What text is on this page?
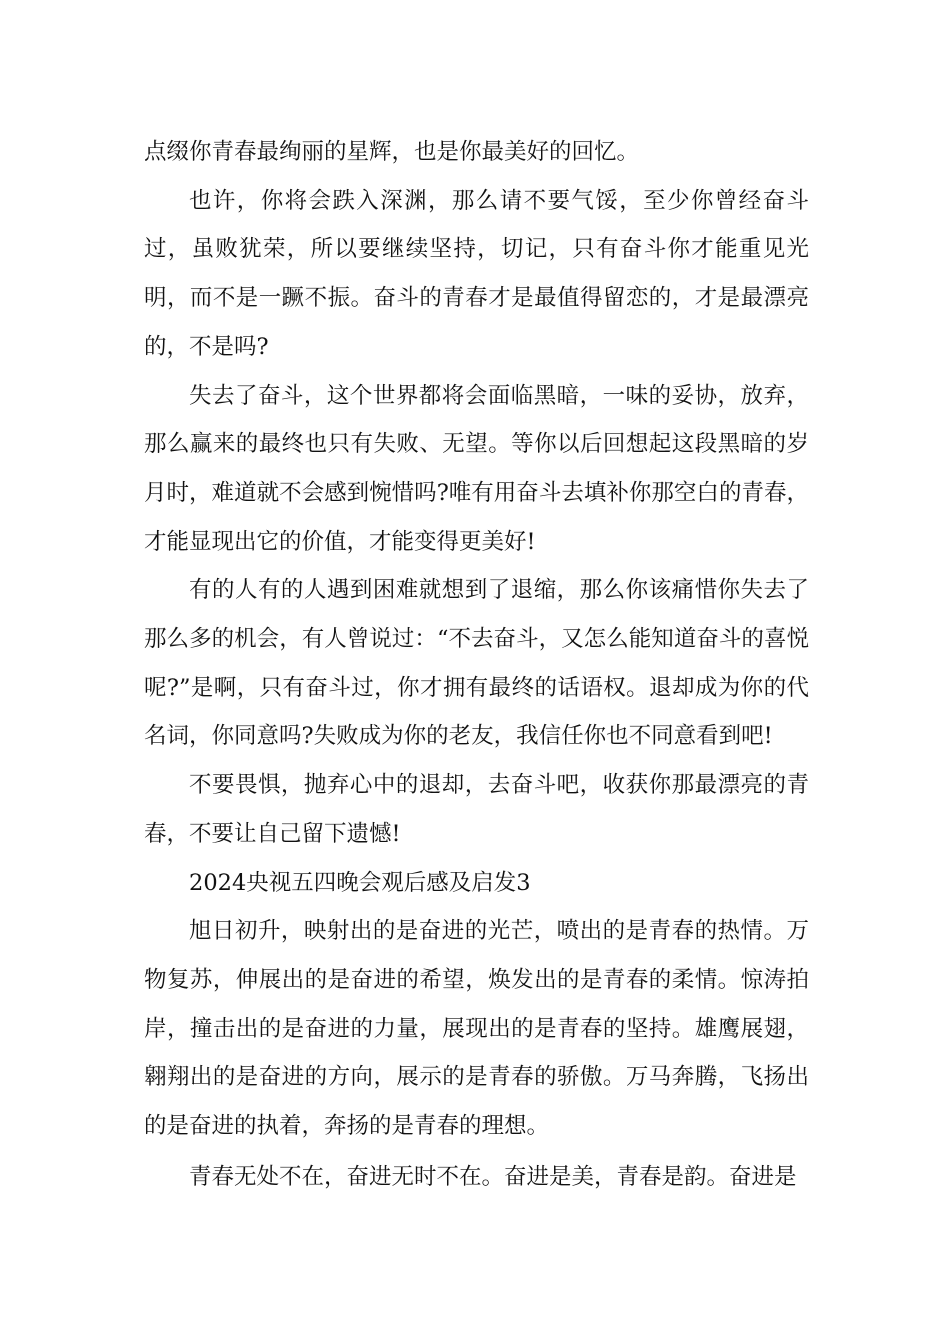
点缀你青春最绚丽的星辉，也是你最美好的回忆。

也许，你将会跌入深渊，那么请不要气馁，至少你曾经奋斗过，虽败犹荣，所以要继续坚持，切记，只有奋斗你才能重见光明，而不是一蹶不振。奋斗的青春才是最值得留恋的，才是最漂亮的，不是吗?

失去了奋斗，这个世界都将会面临黑暗，一味的妥协，放弃，那么赢来的最终也只有失败、无望。等你以后回想起这段黑暗的岁月时，难道就不会感到惋惜吗?唯有用奋斗去填补你那空白的青春，才能显现出它的价值，才能变得更美好!

有的人有的人遇到困难就想到了退缩，那么你该痛惜你失去了那么多的机会，有人曾说过：“不去奋斗，又怎么能知道奋斗的喜悦呢?”是啊，只有奋斗过，你才拥有最终的话语权。退却成为你的代名词，你同意吗?失败成为你的老友，我信任你也不同意看到吧!

不要畏惧，抛弃心中的退却，去奋斗吧，收获你那最漂亮的青春，不要让自己留下遗憾!

2024央视五四晚会观后感及启发3

旭日初升，映射出的是奋进的光芒，喷出的是青春的热情。万物复苏，伸展出的是奋进的希望，焕发出的是青春的柔情。惊涛拍岸，撞击出的是奋进的力量，展现出的是青春的坚持。雄鹰展翅，翱翔出的是奋进的方向，展示的是青春的骄傲。万马奔腾，飞扬出的是奋进的执着，奔扬的是青春的理想。

青春无处不在，奋进无时不在。奋进是美，青春是韵。奋进是
